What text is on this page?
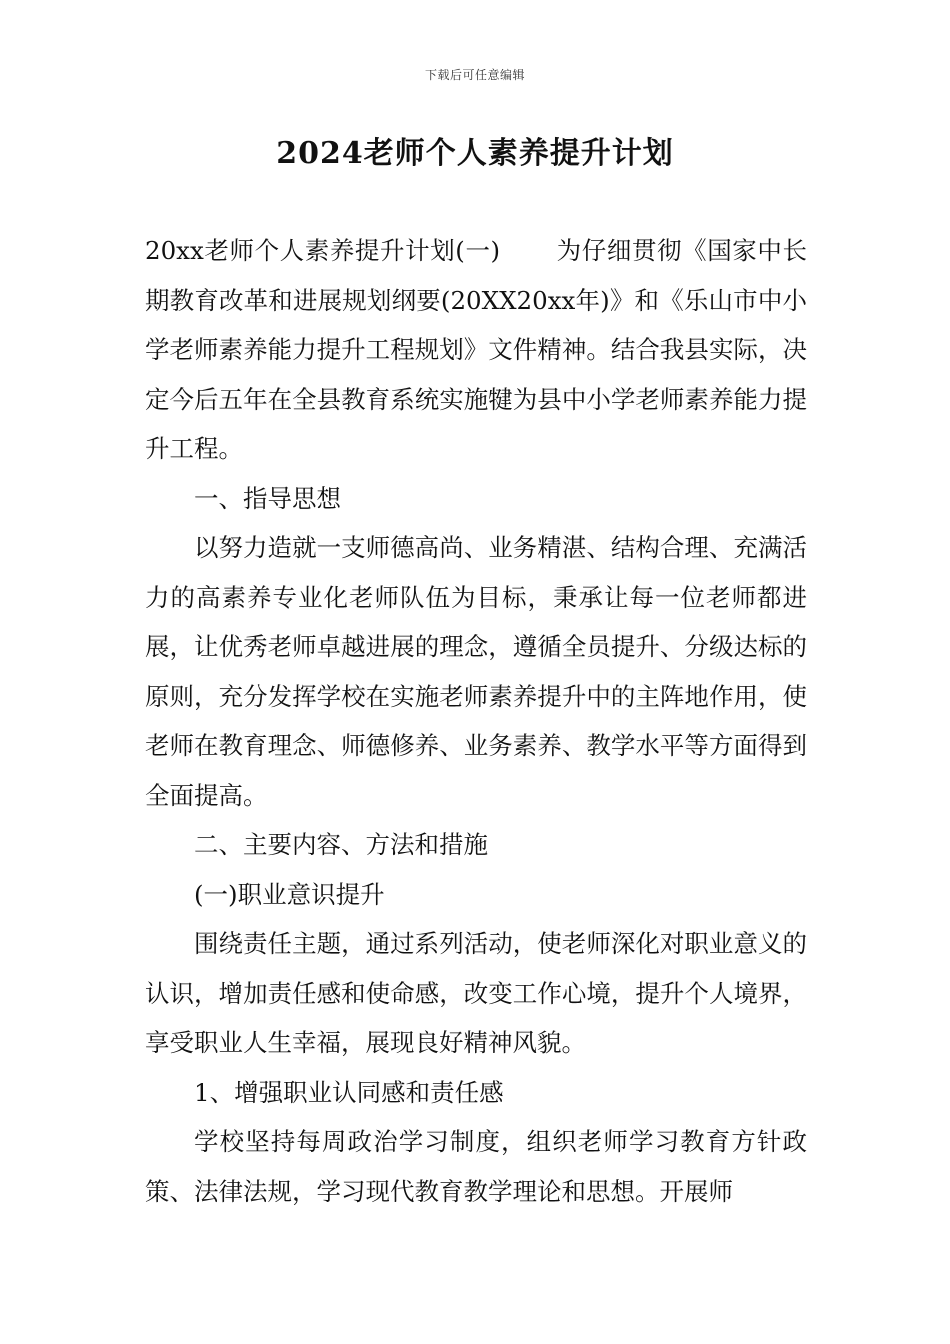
下载后可任意编辑
2024老师个人素养提升计划

20xx老师个人素养提升计划(一) 为仔细贯彻《国家中长期教育改革和进展规划纲要(20XX20xx年)》和《乐山市中小学老师素养能力提升工程规划》文件精神。结合我县实际，决定今后五年在全县教育系统实施犍为县中小学老师素养能力提升工程。

一、指导思想

以努力造就一支师德高尚、业务精湛、结构合理、充满活力的高素养专业化老师队伍为目标，秉承让每一位老师都进展，让优秀老师卓越进展的理念，遵循全员提升、分级达标的原则，充分发挥学校在实施老师素养提升中的主阵地作用，使老师在教育理念、师德修养、业务素养、教学水平等方面得到全面提高。

二、主要内容、方法和措施

(一)职业意识提升

围绕责任主题，通过系列活动，使老师深化对职业意义的认识，增加责任感和使命感，改变工作心境，提升个人境界，享受职业人生幸福，展现良好精神风貌。

1、增强职业认同感和责任感

学校坚持每周政治学习制度，组织老师学习教育方针政策、法律法规，学习现代教育教学理论和思想。开展师
